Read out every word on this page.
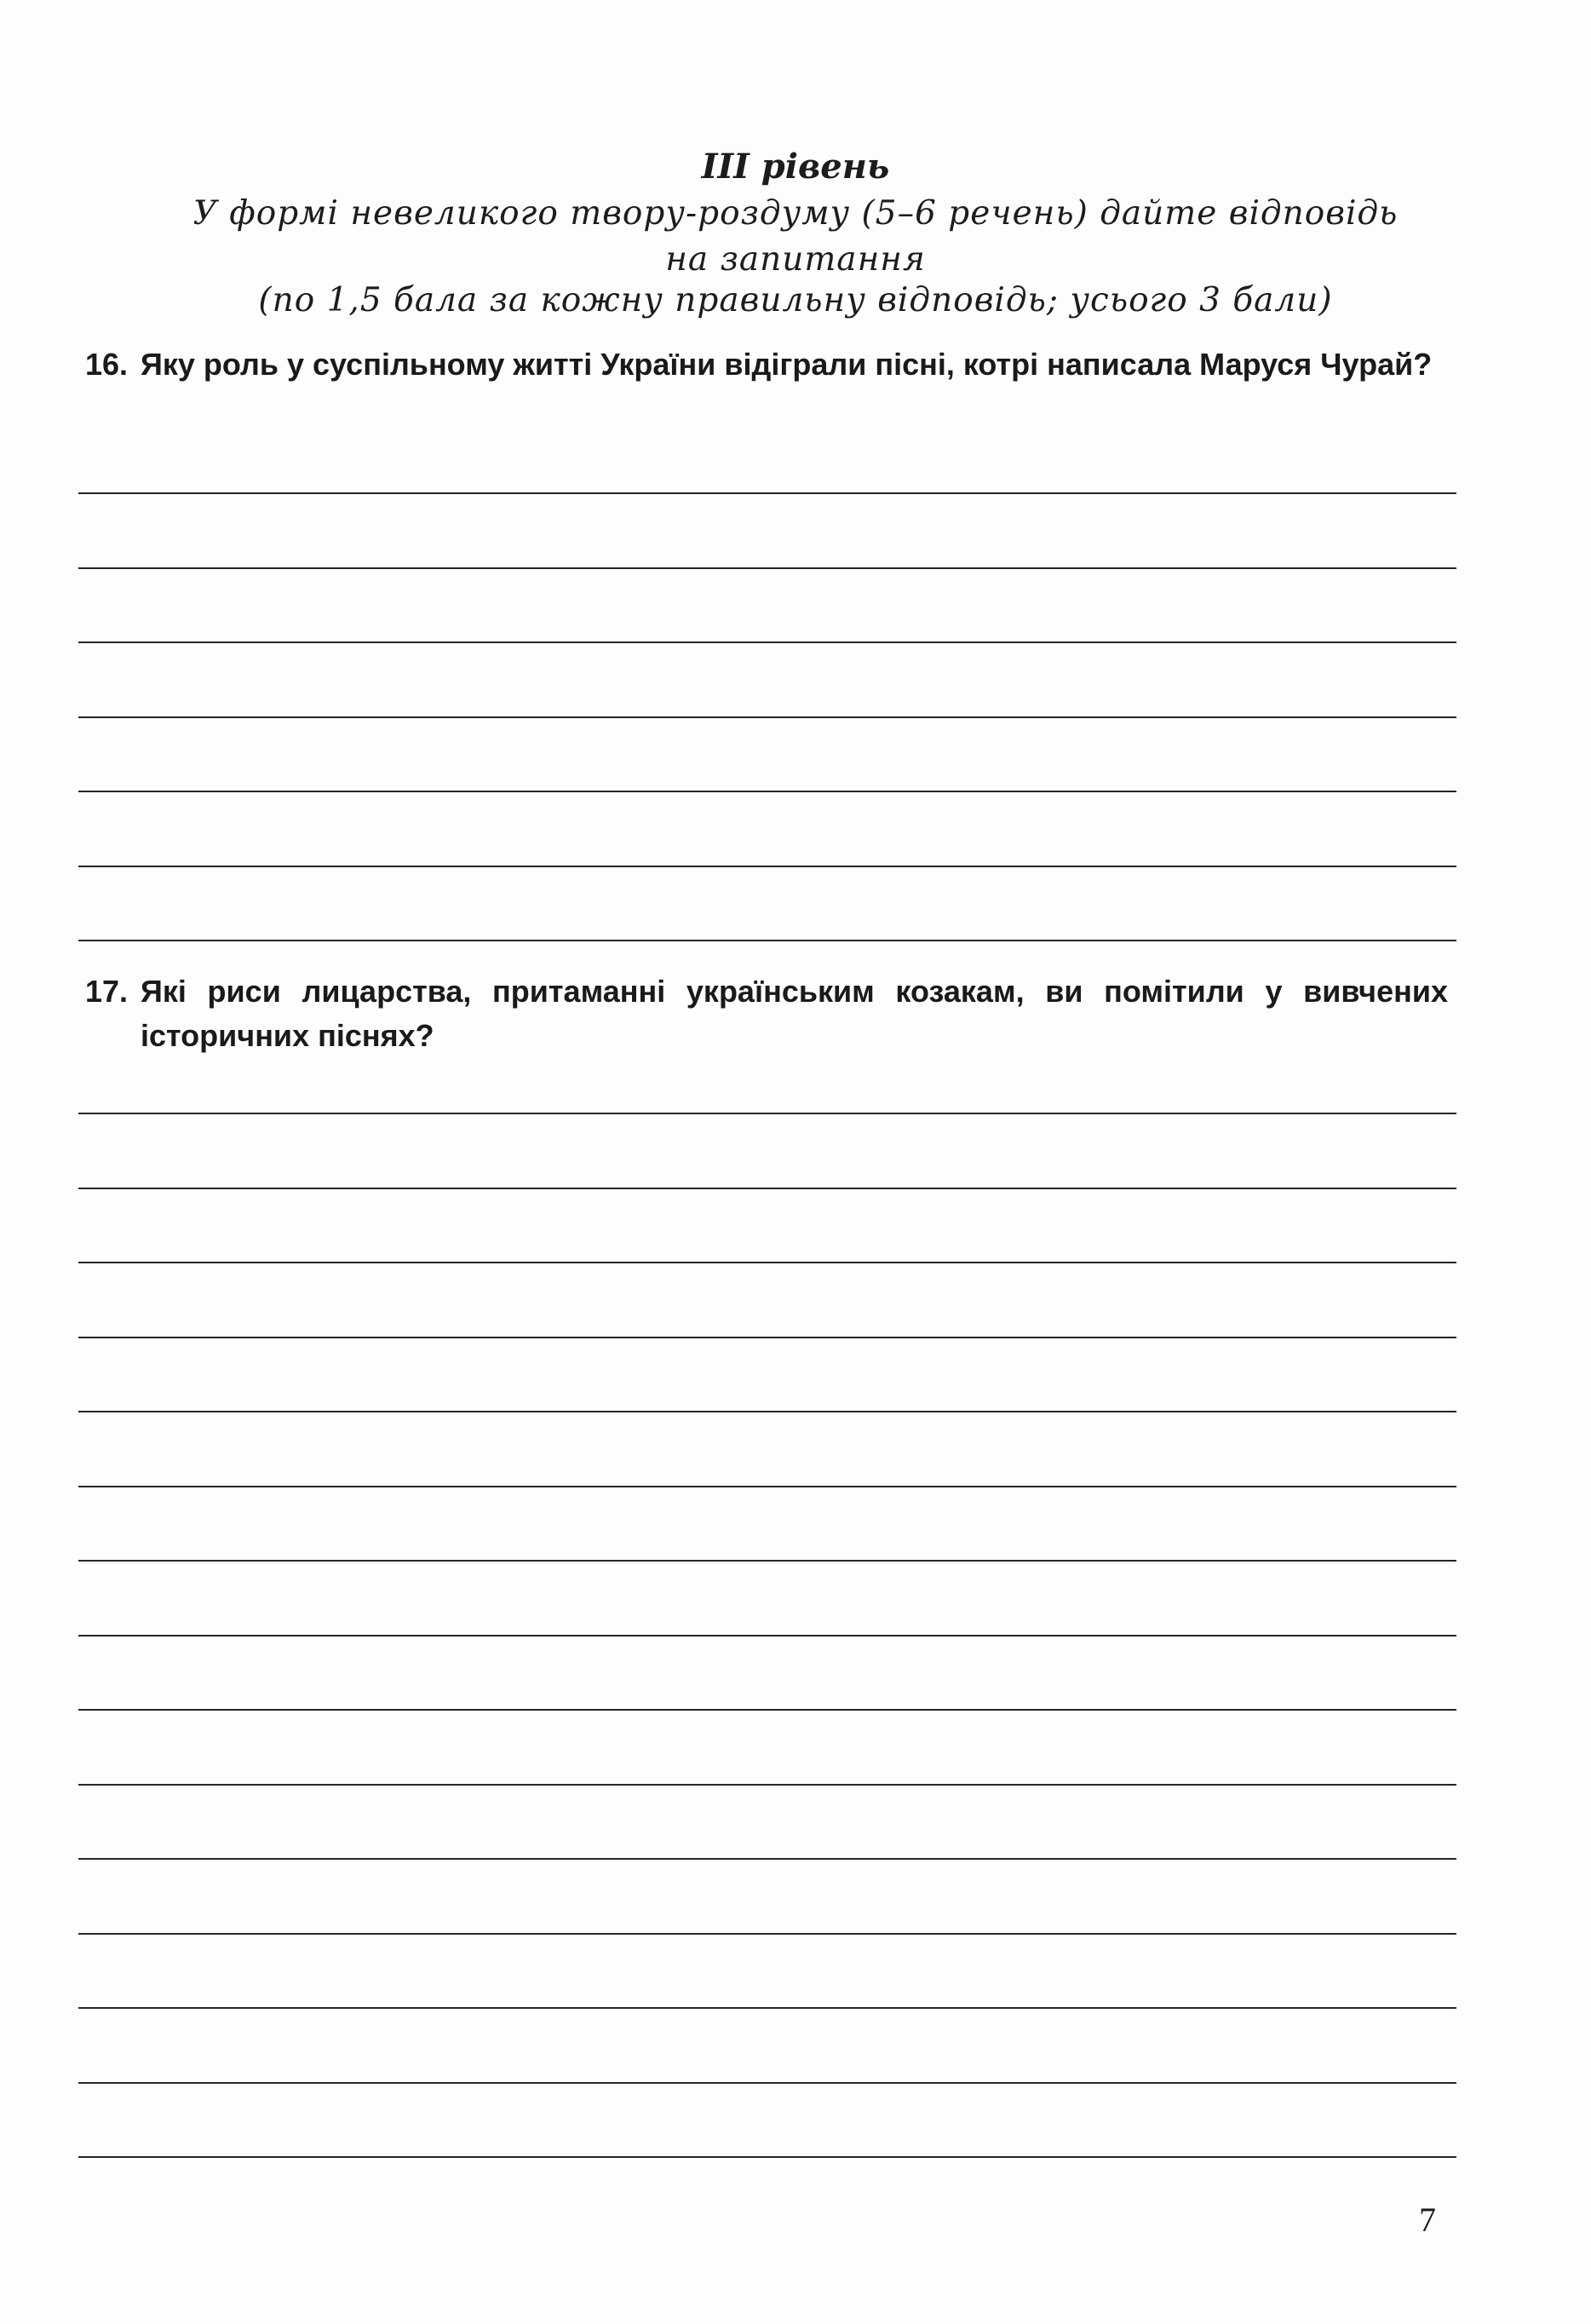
III рівень
У формі невеликого твору-роздуму (5–6 речень) дайте відповідь
на запитання
(по 1,5 бала за кожну правильну відповідь; усього 3 бали)
16. Яку роль у суспільному житті України відіграли пісні, котрі написала Маруся Чурай?
17. Які риси лицарства, притаманні українським козакам, ви помітили у вивчених історичних піснях?
7
